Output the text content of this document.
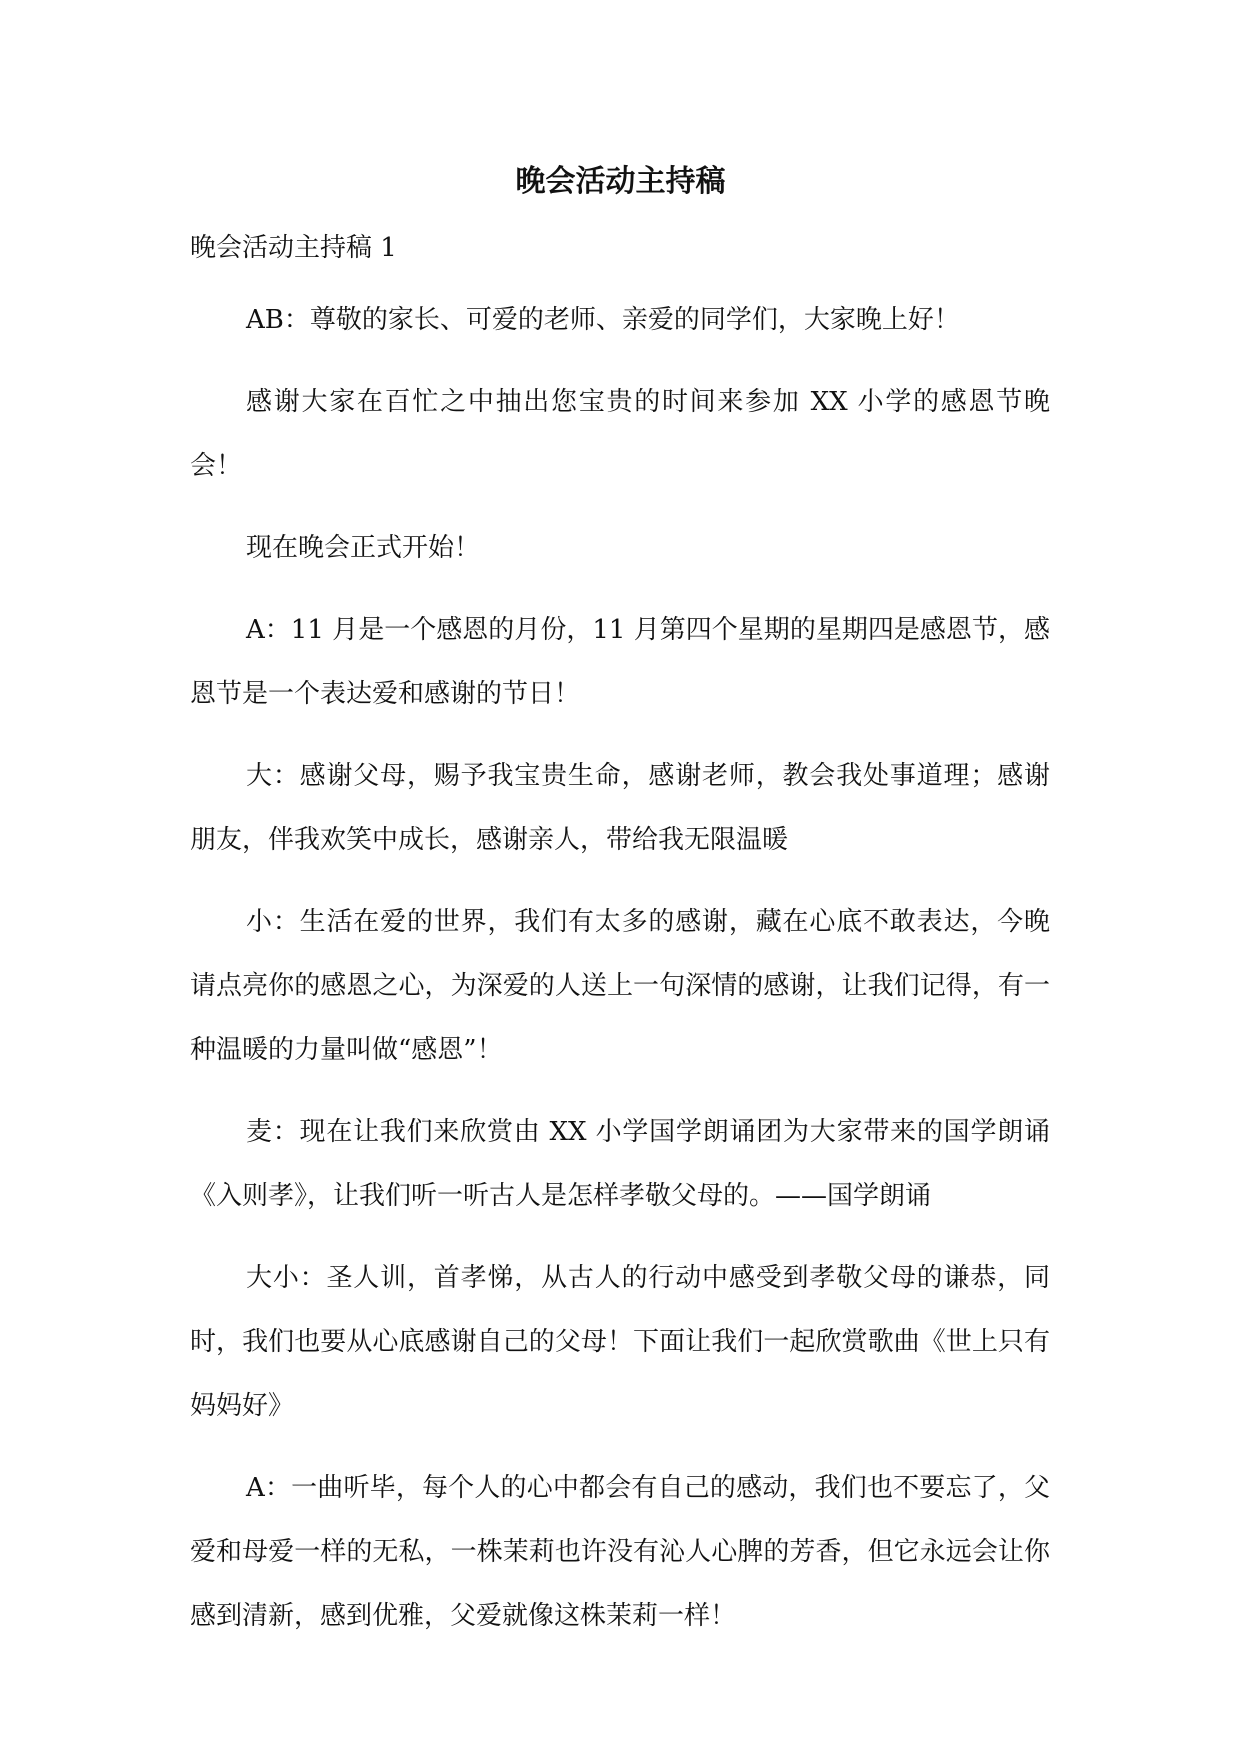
晚会活动主持稿

晚会活动主持稿 1

AB：尊敬的家长、可爱的老师、亲爱的同学们，大家晚上好！

感谢大家在百忙之中抽出您宝贵的时间来参加 XX 小学的感恩节晚会！

现在晚会正式开始！

A：11 月是一个感恩的月份，11 月第四个星期的星期四是感恩节，感恩节是一个表达爱和感谢的节日！

大：感谢父母，赐予我宝贵生命，感谢老师，教会我处事道理；感谢朋友，伴我欢笑中成长，感谢亲人，带给我无限温暖

小：生活在爱的世界，我们有太多的感谢，藏在心底不敢表达，今晚请点亮你的感恩之心，为深爱的人送上一句深情的感谢，让我们记得，有一种温暖的力量叫做“感恩”！

麦：现在让我们来欣赏由 XX 小学国学朗诵团为大家带来的国学朗诵《入则孝》，让我们听一听古人是怎样孝敬父母的。——国学朗诵

大小：圣人训，首孝悌，从古人的行动中感受到孝敬父母的谦恭，同时，我们也要从心底感谢自己的父母！下面让我们一起欣赏歌曲《世上只有妈妈好》

A：一曲听毕，每个人的心中都会有自己的感动，我们也不要忘了，父爱和母爱一样的无私，一株茉莉也许没有沁人心脾的芳香，但它永远会让你感到清新，感到优雅，父爱就像这株茉莉一样！
